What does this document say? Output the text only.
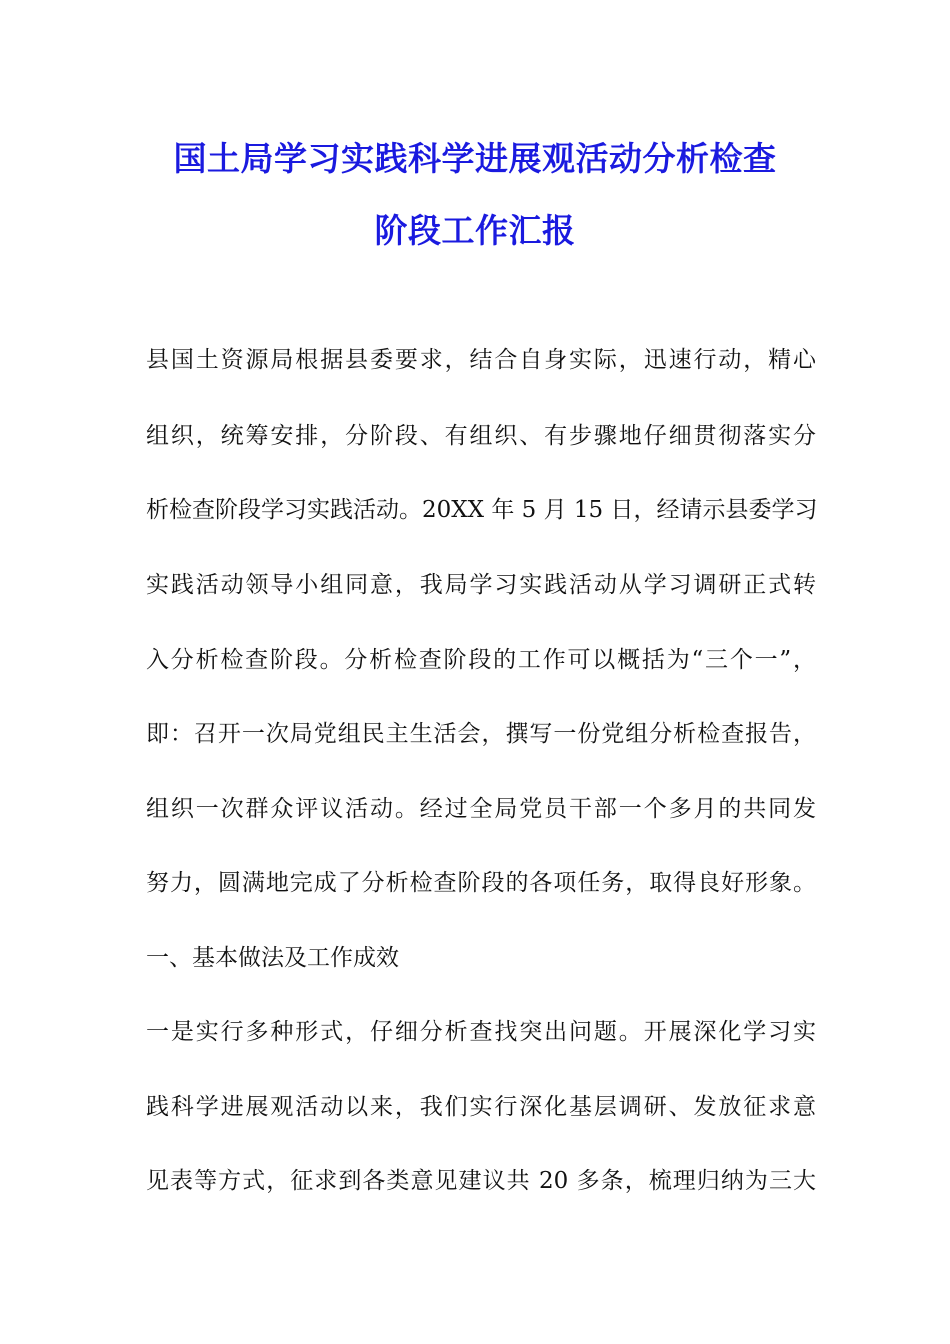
国土局学习实践科学进展观活动分析检查
阶段工作汇报
县国土资源局根据县委要求，结合自身实际，迅速行动，精心
组织，统筹安排，分阶段、有组织、有步骤地仔细贯彻落实分
析检查阶段学习实践活动。20XX 年 5 月 15 日，经请示县委学习
实践活动领导小组同意，我局学习实践活动从学习调研正式转
入分析检查阶段。分析检查阶段的工作可以概括为“三个一”，
即：召开一次局党组民主生活会，撰写一份党组分析检查报告，
组织一次群众评议活动。经过全局党员干部一个多月的共同发
努力，圆满地完成了分析检查阶段的各项任务，取得良好形象。
一、基本做法及工作成效
一是实行多种形式，仔细分析查找突出问题。开展深化学习实
践科学进展观活动以来，我们实行深化基层调研、发放征求意
见表等方式，征求到各类意见建议共 20 多条，梳理归纳为三大
